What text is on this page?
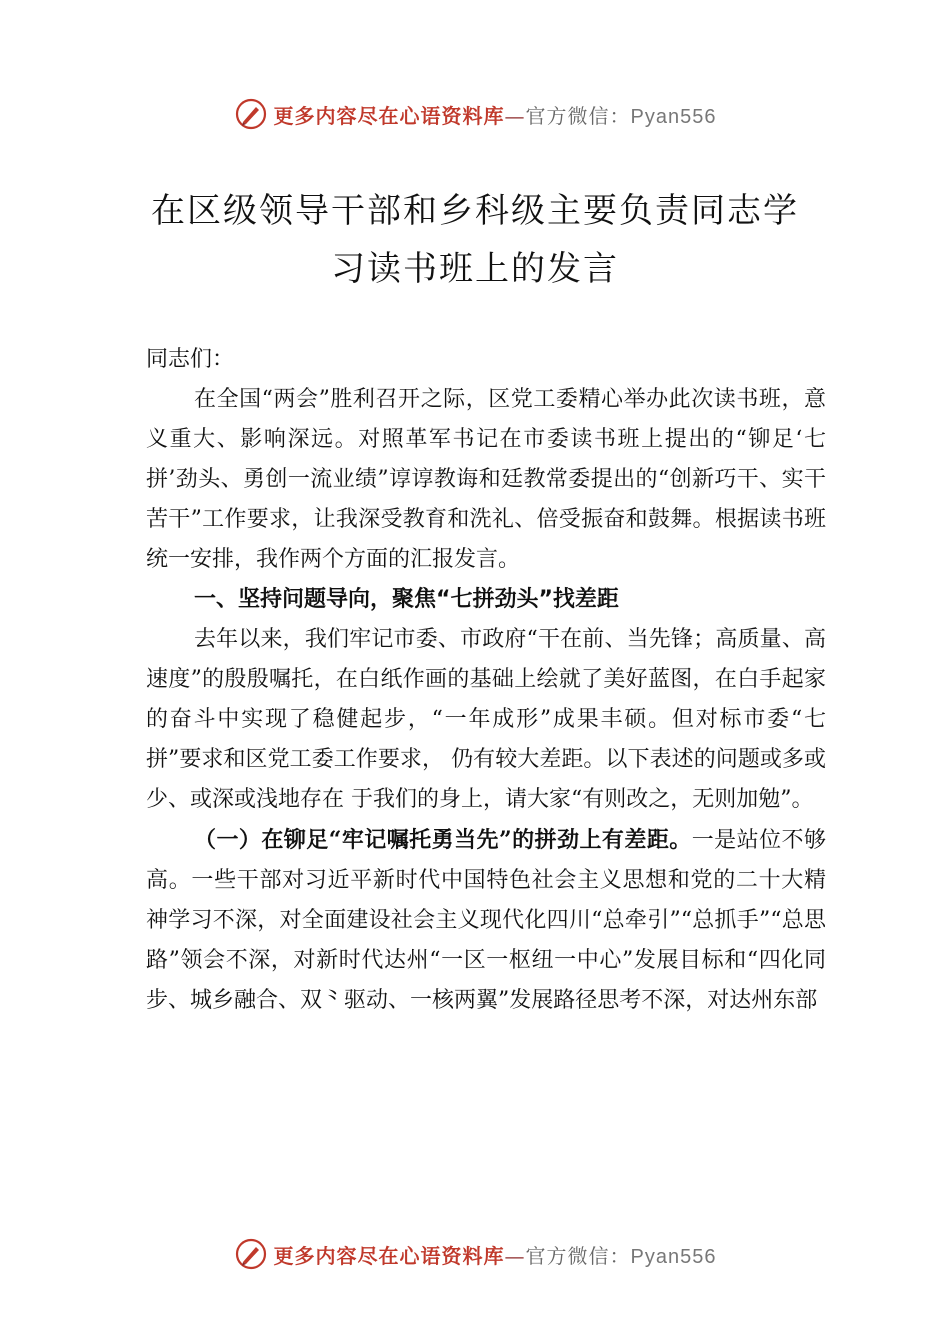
更多内容尽在心语资料库—官方微信：Pyan556
在区级领导干部和乡科级主要负责同志学
习读书班上的发言

同志们：

在全国“两会”胜利召开之际，区党工委精心举办此次读书班，意义重大、影响深远。对照革军书记在市委读书班上提出的“铆足‘七拼’劲头、勇创一流业绩”谆谆教诲和廷教常委提出的“创新巧干、实干苦干”工作要求，让我深受教育和洗礼、倍受振奋和鼓舞。根据读书班统一安排，我作两个方面的汇报发言。

一、坚持问题导向，聚焦“七拼劲头”找差距

去年以来，我们牢记市委、市政府“干在前、当先锋；高质量、高速度”的殷殷嘱托，在白纸作画的基础上绘就了美好蓝图，在白手起家的奋斗中实现了稳健起步，“一年成形”成果丰硕。但对标市委“七拼”要求和区党工委工作要求， 仍有较大差距。以下表述的问题或多或少、或深或浅地存在 于我们的身上，请大家“有则改之，无则加勉”。

（一）在铆足“牢记嘱托勇当先”的拼劲上有差距。一是站位不够高。一些干部对习近平新时代中国特色社会主义思想和党的二十大精神学习不深，对全面建设社会主义现代化四川“总牵引”“总抓手”“总思路”领会不深，对新时代达州“一区一枢纽一中心”发展目标和“四化同步、城乡融合、双⺀驱动、一核两翼”发展路径思考不深，对达州东部

更多内容尽在心语资料库—官方微信：Pyan556
